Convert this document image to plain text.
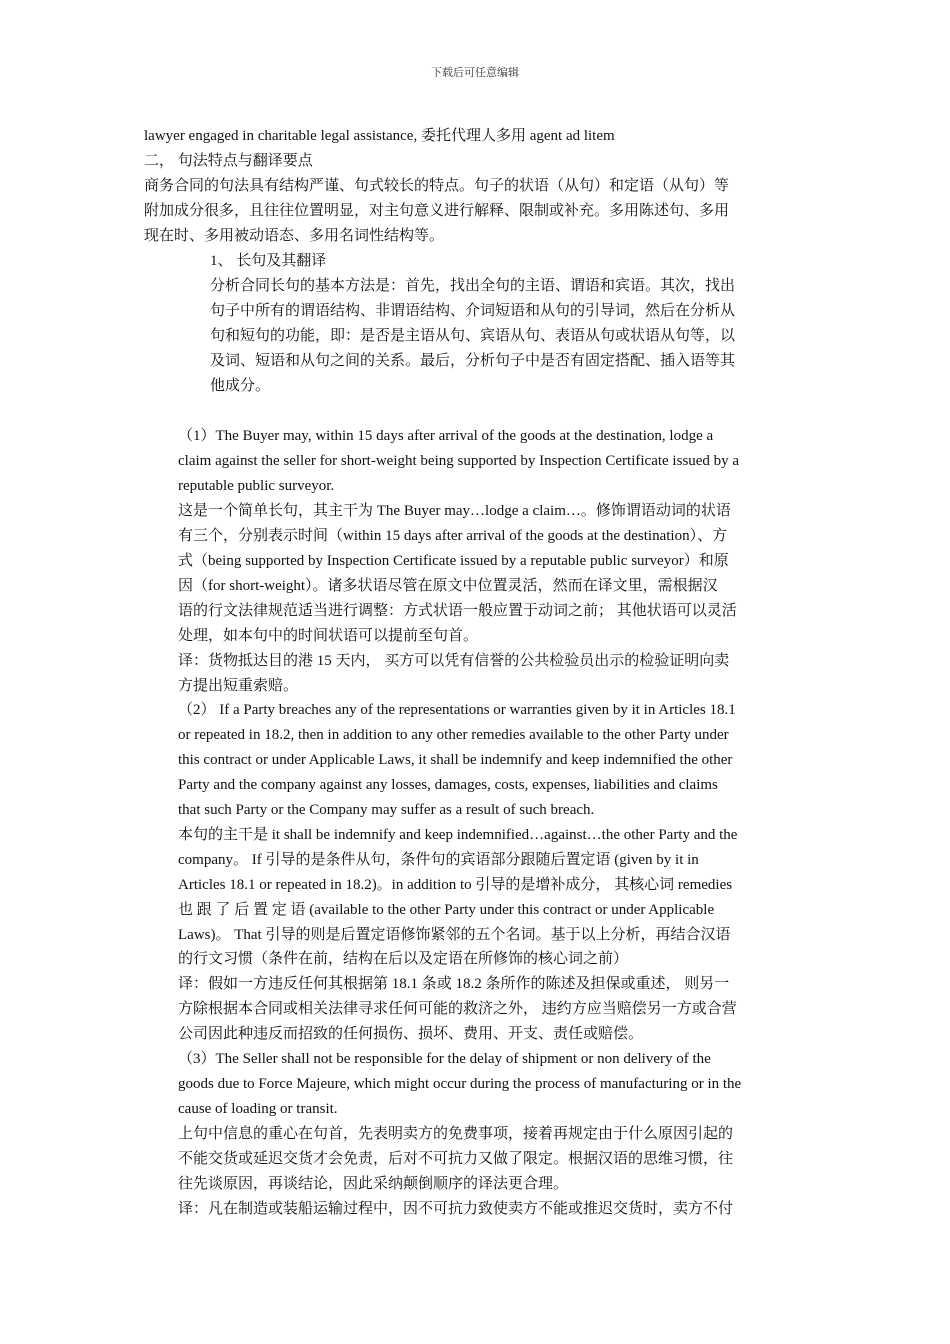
下载后可任意编辑
lawyer engaged in charitable legal assistance, 委托代理人多用 agent ad litem
二， 句法特点与翻译要点
商务合同的句法具有结构严谨、句式较长的特点。句子的状语（从句）和定语（从句）等
附加成分很多，且往往位置明显，对主句意义进行解释、限制或补充。多用陈述句、多用
现在时、多用被动语态、多用名词性结构等。
1、 长句及其翻译
分析合同长句的基本方法是：首先，找出全句的主语、谓语和宾语。其次，找出
句子中所有的谓语结构、非谓语结构、介词短语和从句的引导词，然后在分析从
句和短句的功能，即：是否是主语从句、宾语从句、表语从句或状语从句等，以
及词、短语和从句之间的关系。最后，分析句子中是否有固定搭配、插入语等其
他成分。
（1）The Buyer may, within 15 days after arrival of the goods at the destination, lodge a
claim against the seller for short-weight being supported by Inspection Certificate issued by a
reputable public surveyor.
这是一个简单长句，其主干为 The Buyer may…lodge a claim…。修饰谓语动词的状语
有三个，分别表示时间（within 15 days after arrival of the goods at the destination）、方
式（being supported by Inspection Certificate issued by a reputable public surveyor）和原
因（for short-weight）。诸多状语尽管在原文中位置灵活，然而在译文里，需根据汉
语的行文法律规范适当进行调整：方式状语一般应置于动词之前； 其他状语可以灵活
处理，如本句中的时间状语可以提前至句首。
译：货物抵达目的港 15 天内， 买方可以凭有信誉的公共检验员出示的检验证明向卖
方提出短重索赔。
（2） If a Party breaches any of the representations or warranties given by it in Articles 18.1
or repeated in 18.2, then in addition to any other remedies available to the other Party under
this contract or under Applicable Laws, it shall be indemnify and keep indemnified the other
Party and the company against any losses, damages, costs, expenses, liabilities and claims
that such Party or the Company may suffer as a result of such breach.
本句的主干是 it shall be indemnify and keep indemnified…against…the other Party and the
company。 If 引导的是条件从句，条件句的宾语部分跟随后置定语 (given by it in
Articles 18.1 or repeated in 18.2)。in addition to 引导的是增补成分， 其核心词 remedies
也 跟 了 后 置 定 语 (available to the other Party under this contract or under Applicable
Laws)。 That 引导的则是后置定语修饰紧邻的五个名词。基于以上分析，再结合汉语
的行文习惯（条件在前，结构在后以及定语在所修饰的核心词之前）
译：假如一方违反任何其根据第 18.1 条或 18.2 条所作的陈述及担保或重述， 则另一
方除根据本合同或相关法律寻求任何可能的救济之外， 违约方应当赔偿另一方或合营
公司因此种违反而招致的任何损伤、损坏、费用、开支、责任或赔偿。
（3）The Seller shall not be responsible for the delay of shipment or non delivery of the
goods due to Force Majeure, which might occur during the process of manufacturing or in the
cause of loading or transit.
上句中信息的重心在句首，先表明卖方的免费事项，接着再规定由于什么原因引起的
不能交货或延迟交货才会免责，后对不可抗力又做了限定。根据汉语的思维习惯，往
往先谈原因，再谈结论，因此采纳颠倒顺序的译法更合理。
译：凡在制造或装船运输过程中，因不可抗力致使卖方不能或推迟交货时，卖方不付
